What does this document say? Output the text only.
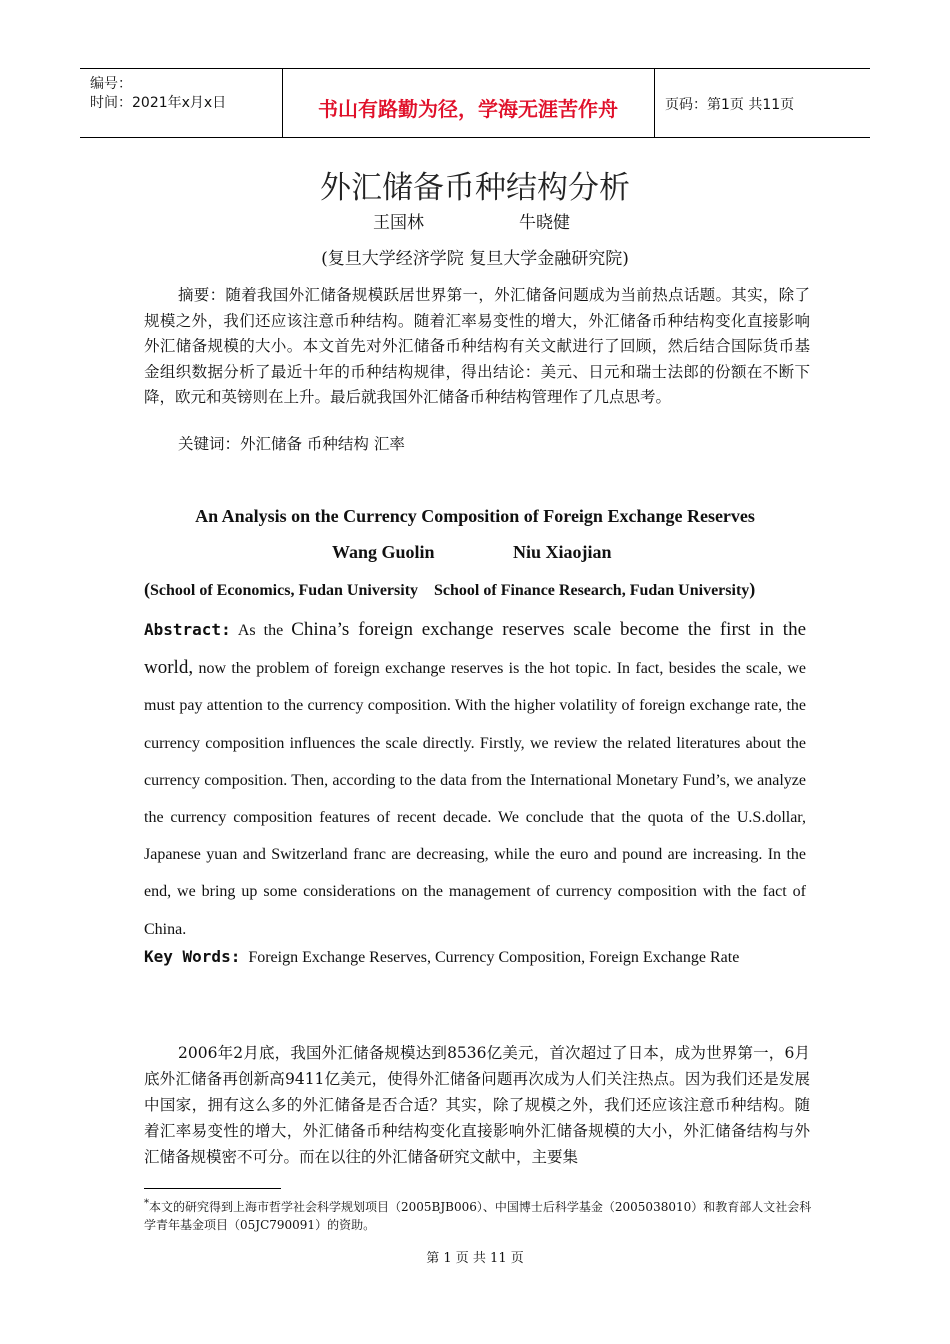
编号：
时间：2021年x月x日	书山有路勤为径，学海无涯苦作舟	页码：第1页 共11页
外汇储备币种结构分析
王国林	牛晓健
(复旦大学经济学院 复旦大学金融研究院)

摘要：随着我国外汇储备规模跃居世界第一，外汇储备问题成为当前热点话题。其实，除了规模之外，我们还应该注意币种结构。随着汇率易变性的增大，外汇储备币种结构变化直接影响外汇储备规模的大小。本文首先对外汇储备币种结构有关文献进行了回顾，然后结合国际货币基金组织数据分析了最近十年的币种结构规律，得出结论：美元、日元和瑞士法郎的份额在不断下降，欧元和英镑则在上升。最后就我国外汇储备币种结构管理作了几点思考。

关键词：外汇储备 币种结构 汇率
An Analysis on the Currency Composition of Foreign Exchange Reserves
Wang Guolin	Niu Xiaojian
(School of Economics, Fudan University    School of Finance Research, Fudan University)

Abstract: As the China’s foreign exchange reserves scale become the first in the world, now the problem of foreign exchange reserves is the hot topic. In fact, besides the scale, we must pay attention to the currency composition. With the higher volatility of foreign exchange rate, the currency composition influences the scale directly. Firstly, we review the related literatures about the currency composition. Then, according to the data from the International Monetary Fund’s, we analyze the currency composition features of recent decade. We conclude that the quota of the U.S.dollar, Japanese yuan and Switzerland franc are decreasing, while the euro and pound are increasing. In the end, we bring up some considerations on the management of currency composition with the fact of China.

Key Words: Foreign Exchange Reserves, Currency Composition, Foreign Exchange Rate

2006年2月底，我国外汇储备规模达到8536亿美元，首次超过了日本，成为世界第一，6月底外汇储备再创新高9411亿美元，使得外汇储备问题再次成为人们关注热点。因为我们还是发展中国家，拥有这么多的外汇储备是否合适？其实，除了规模之外，我们还应该注意币种结构。随着汇率易变性的增大，外汇储备币种结构变化直接影响外汇储备规模的大小，外汇储备结构与外汇储备规模密不可分。而在以往的外汇储备研究文献中，主要集

*本文的研究得到上海市哲学社会科学规划项目（2005BJB006）、中国博士后科学基金（2005038010）和教育部人文社会科学青年基金项目（05JC790091）的资助。

第 1 页 共 11 页
